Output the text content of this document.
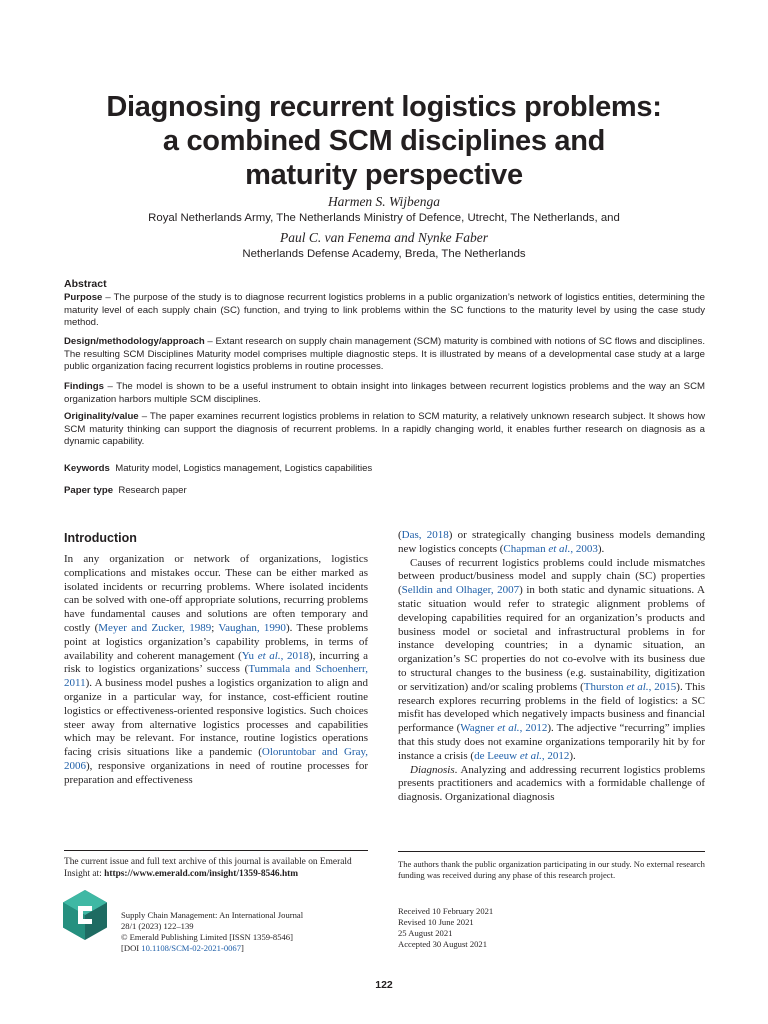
Diagnosing recurrent logistics problems:
a combined SCM disciplines and
maturity perspective
Harmen S. Wijbenga
Royal Netherlands Army, The Netherlands Ministry of Defence, Utrecht, The Netherlands, and
Paul C. van Fenema and Nynke Faber
Netherlands Defense Academy, Breda, The Netherlands
Abstract
Purpose – The purpose of the study is to diagnose recurrent logistics problems in a public organization’s network of logistics entities, determining the maturity level of each supply chain (SC) function, and trying to link problems within the SC functions to the maturity level by using the case study method.
Design/methodology/approach – Extant research on supply chain management (SCM) maturity is combined with notions of SC flows and disciplines. The resulting SCM Disciplines Maturity model comprises multiple diagnostic steps. It is illustrated by means of a developmental case study at a large public organization facing recurrent logistics problems in routine processes.
Findings – The model is shown to be a useful instrument to obtain insight into linkages between recurrent logistics problems and the way an SCM organization harbors multiple SCM disciplines.
Originality/value – The paper examines recurrent logistics problems in relation to SCM maturity, a relatively unknown research subject. It shows how SCM maturity thinking can support the diagnosis of recurrent problems. In a rapidly changing world, it enables further research on diagnosis as a dynamic capability.
Keywords Maturity model, Logistics management, Logistics capabilities
Paper type Research paper
Introduction
In any organization or network of organizations, logistics complications and mistakes occur. These can be either marked as isolated incidents or recurring problems. Where isolated incidents can be solved with one-off appropriate solutions, recurring problems have fundamental causes and solutions are often temporary and costly (Meyer and Zucker, 1989; Vaughan, 1990). These problems point at logistics organization’s capability problems, in terms of availability and coherent management (Yu et al., 2018), incurring a risk to logistics organizations’ success (Tummala and Schoenherr, 2011). A business model pushes a logistics organization to align and organize in a particular way, for instance, cost-efficient routine logistics or effectiveness-oriented responsive logistics. Such choices steer away from alternative logistics processes and capabilities which may be relevant. For instance, routine logistics operations facing crisis situations like a pandemic (Oloruntobar and Gray, 2006), responsive organizations in need of routine processes for preparation and effectiveness
(Das, 2018) or strategically changing business models demanding new logistics concepts (Chapman et al., 2003).
Causes of recurrent logistics problems could include mismatches between product/business model and supply chain (SC) properties (Selldin and Olhager, 2007) in both static and dynamic situations. A static situation would refer to strategic alignment problems of developing capabilities required for an organization’s products and business model or societal and infrastructural problems in for instance developing countries; in a dynamic situation, an organization’s SC properties do not co-evolve with its business due to structural changes to the business (e.g. sustainability, digitization or servitization) and/or scaling problems (Thurston et al., 2015). This research explores recurring problems in the field of logistics: a SC misfit has developed which negatively impacts business and financial performance (Wagner et al., 2012). The adjective “recurring” implies that this study does not examine organizations temporarily hit by for instance a crisis (de Leeuw et al., 2012).
Diagnosis. Analyzing and addressing recurrent logistics problems presents practitioners and academics with a formidable challenge of diagnosis. Organizational diagnosis
The current issue and full text archive of this journal is available on Emerald Insight at: https://www.emerald.com/insight/1359-8546.htm
Supply Chain Management: An International Journal
28/1 (2023) 122–139
© Emerald Publishing Limited [ISSN 1359-8546]
[DOI 10.1108/SCM-02-2021-0067]
The authors thank the public organization participating in our study. No external research funding was received during any phase of this research project.
Received 10 February 2021
Revised 10 June 2021
25 August 2021
Accepted 30 August 2021
122
